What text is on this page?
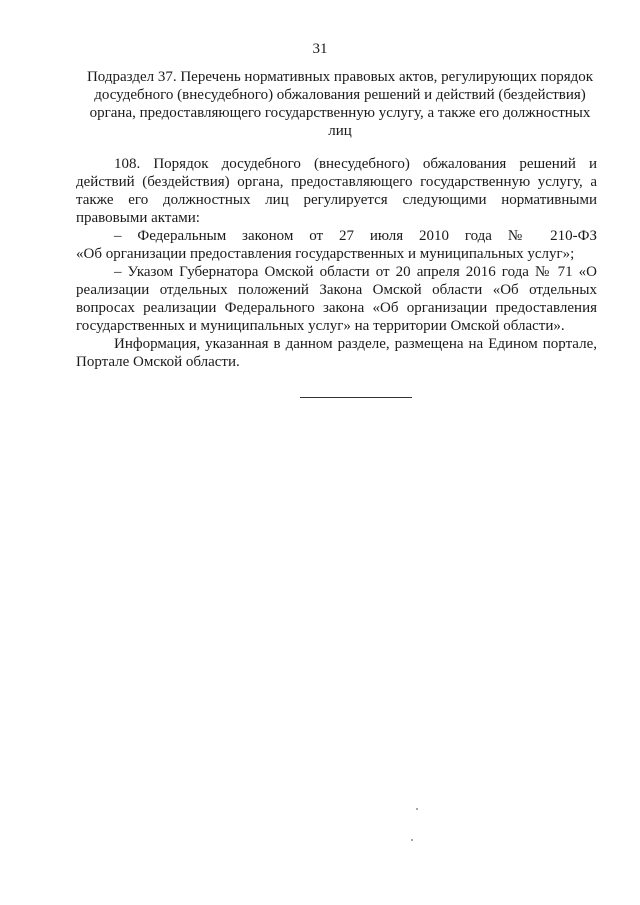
31
Подраздел 37. Перечень нормативных правовых актов, регулирующих порядок досудебного (внесудебного) обжалования решений и действий (бездействия) органа, предоставляющего государственную услугу, а также его должностных лиц

108. Порядок досудебного (внесудебного) обжалования решений и действий (бездействия) органа, предоставляющего государственную услугу, а также его должностных лиц регулируется следующими нормативными правовыми актами:

– Федеральным законом от 27 июля 2010 года № 210-ФЗ

«Об организации предоставления государственных и муниципальных услуг»;

– Указом Губернатора Омской области от 20 апреля 2016 года № 71 «О реализации отдельных положений Закона Омской области «Об отдельных вопросах реализации Федерального закона «Об организации предоставления государственных и муниципальных услуг» на территории Омской области».

Информация, указанная в данном разделе, размещена на Едином портале, Портале Омской области.
